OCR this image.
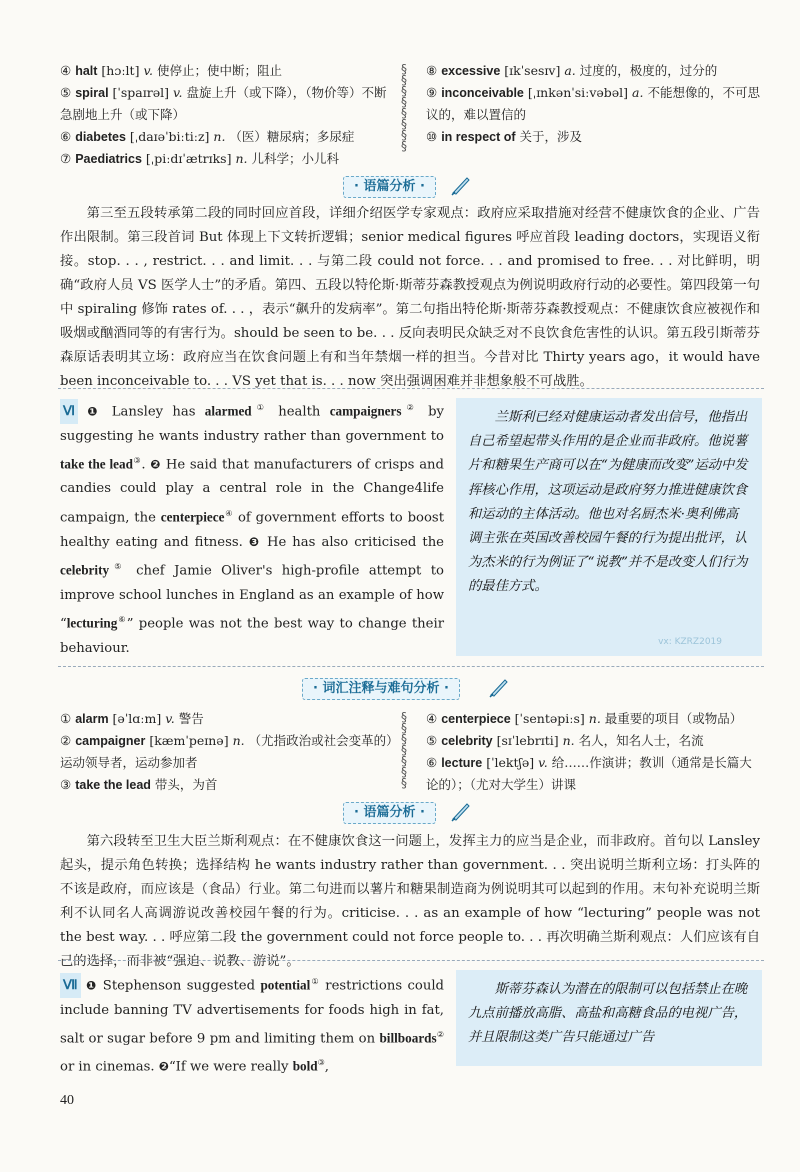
④ halt [hɔːlt] v. 使停止；使中断；阻止

⑤ spiral [ˈspaɪrəl] v. 盘旋上升（或下降），（物价等）不断急剧地上升（或下降）

⑥ diabetes [ˌdaɪəˈbiːtiːz] n. （医）糖尿病；多尿症

⑦ Paediatrics [ˌpiːdɪˈætrɪks] n. 儿科学；小儿科

⑧ excessive [ɪkˈsesɪv] a. 过度的，极度的，过分的

⑨ inconceivable [ˌɪnkənˈsiːvəbəl] a. 不能想像的，不可思议的，难以置信的

⑩ in respect of 关于，涉及

§
§
§
§
§
§
§
§
· 语篇分析 ·

第三至五段转承第二段的同时回应首段，详细介绍医学专家观点：政府应采取措施对经营不健康饮食的企业、广告作出限制。第三段首词 But 体现上下文转折逻辑；senior medical figures 呼应首段 leading doctors，实现语义衔接。stop. . . , restrict. . . and limit. . . 与第二段 could not force. . . and promised to free. . . 对比鲜明，明确“政府人员 VS 医学人士”的矛盾。第四、五段以特伦斯·斯蒂芬森教授观点为例说明政府行动的必要性。第四段第一句中 spiraling 修饰 rates of. . . ，表示“飙升的发病率”。第二句指出特伦斯·斯蒂芬森教授观点：不健康饮食应被视作和吸烟或酗酒同等的有害行为。should be seen to be. . . 反向表明民众缺乏对不良饮食危害性的认识。第五段引斯蒂芬森原话表明其立场：政府应当在饮食问题上有和当年禁烟一样的担当。今昔对比 Thirty years ago，it would have been inconceivable to. . . VS yet that is. . . now 突出强调困难并非想象般不可战胜。

Ⅵ ❶ Lansley has alarmed① health campaigners② by suggesting he wants industry rather than government to take the lead③. ❷ He said that manufacturers of crisps and candies could play a central role in the Change4life campaign, the centerpiece④ of government efforts to boost healthy eating and fitness. ❸ He has also criticised the celebrity⑤ chef Jamie Oliver's high-profile attempt to improve school lunches in England as an example of how “lecturing⑥” people was not the best way to change their behaviour.

兰斯利已经对健康运动者发出信号，他指出自己希望起带头作用的是企业而非政府。他说薯片和糖果生产商可以在“为健康而改变”运动中发挥核心作用，这项运动是政府努力推进健康饮食和运动的主体活动。他也对名厨杰米·奥利佛高调主张在英国改善校园午餐的行为提出批评，认为杰米的行为例证了“说教”并不是改变人们行为的最佳方式。

vx: KZRZ2019
· 词汇注释与难句分析 ·

① alarm [əˈlɑːm] v. 警告

② campaigner [kæmˈpeɪnə] n. （尤指政治或社会变革的）运动领导者，运动参加者

③ take the lead 带头，为首

④ centerpiece [ˈsentəpiːs] n. 最重要的项目（或物品）

⑤ celebrity [sɪˈlebrɪti] n. 名人，知名人士，名流

⑥ lecture [ˈlektʃə] v. 给……作演讲；教训（通常是长篇大论的）；（尤对大学生）讲课

§
§
§
§
§
§
§
· 语篇分析 ·

第六段转至卫生大臣兰斯利观点：在不健康饮食这一问题上，发挥主力的应当是企业，而非政府。首句以 Lansley 起头，提示角色转换；选择结构 he wants industry rather than government. . . 突出说明兰斯利立场：打头阵的不该是政府，而应该是（食品）行业。第二句进而以薯片和糖果制造商为例说明其可以起到的作用。末句补充说明兰斯利不认同名人高调游说改善校园午餐的行为。criticise. . . as an example of how “lecturing” people was not the best way. . . 呼应第二段 the government could not force people to. . . 再次明确兰斯利观点：人们应该有自己的选择，而非被“强迫、说教、游说”。

Ⅶ ❶ Stephenson suggested potential① restrictions could include banning TV advertisements for foods high in fat, salt or sugar before 9 pm and limiting them on billboards② or in cinemas. ❷“If we were really bold③,

斯蒂芬森认为潜在的限制可以包括禁止在晚九点前播放高脂、高盐和高糖食品的电视广告，并且限制这类广告只能通过广告

40
